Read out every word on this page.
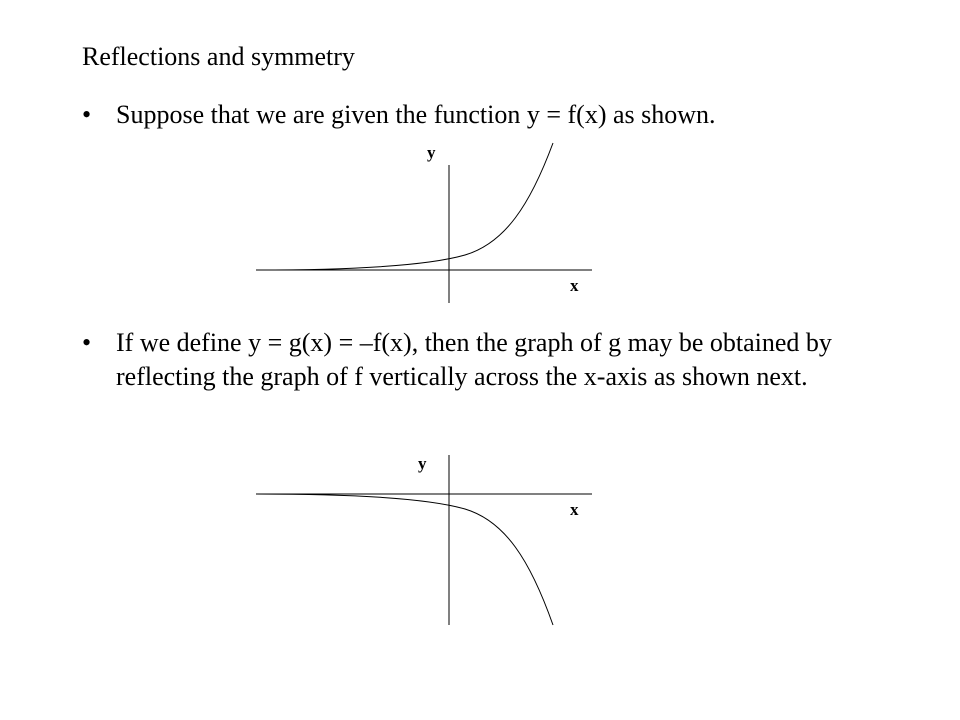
Reflections and symmetry
• Suppose that we are given the function y = f(x) as shown.
y
x
• If we define y = g(x) = –f(x), then the graph of g may be obtained by reflecting the graph of f vertically across the x-axis as shown next.
y
x
